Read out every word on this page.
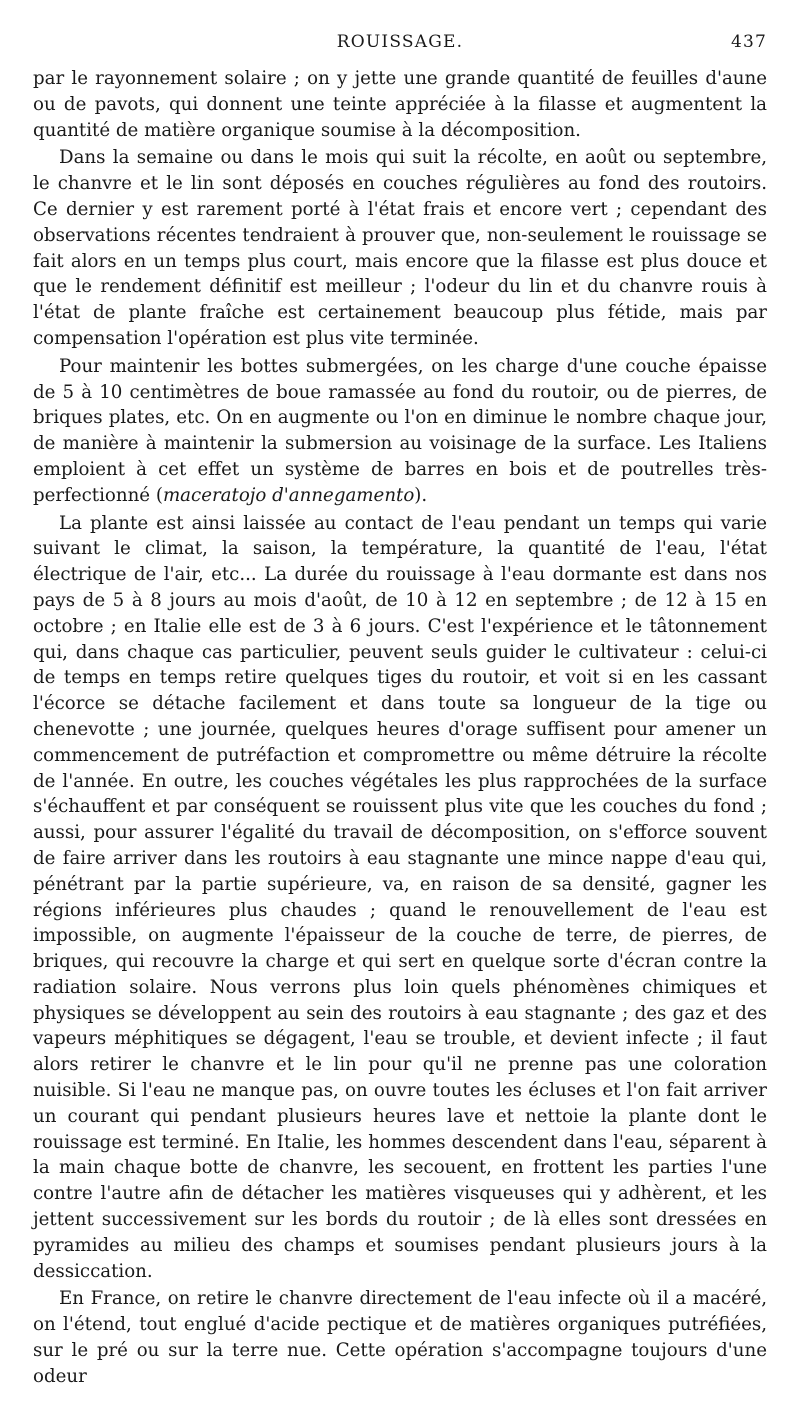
ROUISSAGE.	437

par le rayonnement solaire ; on y jette une grande quantité de feuilles d'aune ou de pavots, qui donnent une teinte appréciée à la filasse et augmentent la quantité de matière organique soumise à la décomposition.

Dans la semaine ou dans le mois qui suit la récolte, en août ou septembre, le chanvre et le lin sont déposés en couches régulières au fond des routoirs. Ce dernier y est rarement porté à l'état frais et encore vert ; cependant des observations récentes tendraient à prouver que, non-seulement le rouissage se fait alors en un temps plus court, mais encore que la filasse est plus douce et que le rendement définitif est meilleur ; l'odeur du lin et du chanvre rouis à l'état de plante fraîche est certainement beaucoup plus fétide, mais par compensation l'opération est plus vite terminée.

Pour maintenir les bottes submergées, on les charge d'une couche épaisse de 5 à 10 centimètres de boue ramassée au fond du routoir, ou de pierres, de briques plates, etc. On en augmente ou l'on en diminue le nombre chaque jour, de manière à maintenir la submersion au voisinage de la surface. Les Italiens emploient à cet effet un système de barres en bois et de poutrelles très-perfectionné (maceratojo d'annegamento).

La plante est ainsi laissée au contact de l'eau pendant un temps qui varie suivant le climat, la saison, la température, la quantité de l'eau, l'état électrique de l'air, etc... La durée du rouissage à l'eau dormante est dans nos pays de 5 à 8 jours au mois d'août, de 10 à 12 en septembre ; de 12 à 15 en octobre ; en Italie elle est de 3 à 6 jours. C'est l'expérience et le tâtonnement qui, dans chaque cas particulier, peuvent seuls guider le cultivateur : celui-ci de temps en temps retire quelques tiges du routoir, et voit si en les cassant l'écorce se détache facilement et dans toute sa longueur de la tige ou chenevotte ; une journée, quelques heures d'orage suffisent pour amener un commencement de putréfaction et compromettre ou même détruire la récolte de l'année. En outre, les couches végétales les plus rapprochées de la surface s'échauffent et par conséquent se rouissent plus vite que les couches du fond ; aussi, pour assurer l'égalité du travail de décomposition, on s'efforce souvent de faire arriver dans les routoirs à eau stagnante une mince nappe d'eau qui, pénétrant par la partie supérieure, va, en raison de sa densité, gagner les régions inférieures plus chaudes ; quand le renouvellement de l'eau est impossible, on augmente l'épaisseur de la couche de terre, de pierres, de briques, qui recouvre la charge et qui sert en quelque sorte d'écran contre la radiation solaire. Nous verrons plus loin quels phénomènes chimiques et physiques se développent au sein des routoirs à eau stagnante ; des gaz et des vapeurs méphitiques se dégagent, l'eau se trouble, et devient infecte ; il faut alors retirer le chanvre et le lin pour qu'il ne prenne pas une coloration nuisible. Si l'eau ne manque pas, on ouvre toutes les écluses et l'on fait arriver un courant qui pendant plusieurs heures lave et nettoie la plante dont le rouissage est terminé. En Italie, les hommes descendent dans l'eau, séparent à la main chaque botte de chanvre, les secouent, en frottent les parties l'une contre l'autre afin de détacher les matières visqueuses qui y adhèrent, et les jettent successivement sur les bords du routoir ; de là elles sont dressées en pyramides au milieu des champs et soumises pendant plusieurs jours à la dessiccation.

En France, on retire le chanvre directement de l'eau infecte où il a macéré, on l'étend, tout englué d'acide pectique et de matières organiques putréfiées, sur le pré ou sur la terre nue. Cette opération s'accompagne toujours d'une odeur
